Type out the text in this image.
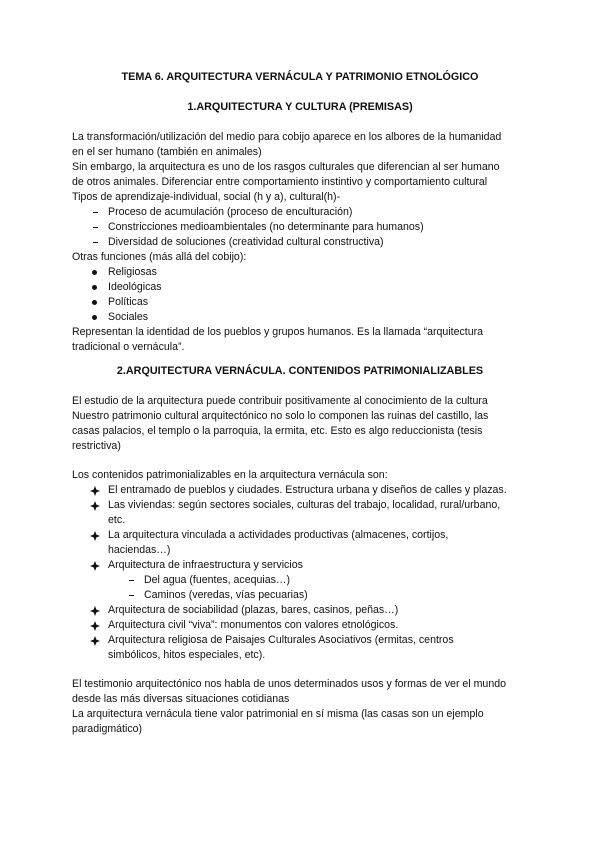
TEMA 6. ARQUITECTURA VERNÁCULA Y PATRIMONIO ETNOLÓGICO
1.ARQUITECTURA Y CULTURA (PREMISAS)
La transformación/utilización del medio para cobijo aparece en los albores de la humanidad
en el ser humano (también en animales)
Sin embargo, la arquitectura es uno de los rasgos culturales que diferencian al ser humano
de otros animales. Diferenciar entre comportamiento instintivo y comportamiento cultural
Tipos de aprendizaje-individual, social (h y a), cultural(h)-
Proceso de acumulación (proceso de enculturación)
Constricciones medioambientales (no determinante para humanos)
Diversidad de soluciones (creatividad cultural constructiva)
Otras funciones (más allá del cobijo):
Religiosas
Ideológicas
Políticas
Sociales
Representan la identidad de los pueblos y grupos humanos. Es la llamada “arquitectura
tradicional o vernácula”.
2.ARQUITECTURA VERNÁCULA. CONTENIDOS PATRIMONIALIZABLES
El estudio de la arquitectura puede contribuir positivamente al conocimiento de la cultura
Nuestro patrimonio cultural arquitectónico no solo lo componen las ruinas del castillo, las
casas palacios, el templo o la parroquia, la ermita, etc. Esto es algo reduccionista (tesis
restrictiva)
Los contenidos patrimonializables en la arquitectura vernácula son:
El entramado de pueblos y ciudades. Estructura urbana y diseños de calles y plazas.
Las viviendas: según sectores sociales, culturas del trabajo, localidad, rural/urbano,
etc.
La arquitectura vinculada a actividades productivas (almacenes, cortijos,
haciendas…)
Arquitectura de infraestructura y servicios
Del agua (fuentes, acequias…)
Caminos (veredas, vías pecuarias)
Arquitectura de sociabilidad (plazas, bares, casinos, peñas…)
Arquitectura civil “viva”: monumentos con valores etnológicos.
Arquitectura religiosa de Paisajes Culturales Asociativos (ermitas, centros
simbólicos, hitos especiales, etc).
El testimonio arquitectónico nos habla de unos determinados usos y formas de ver el mundo
desde las más diversas situaciones cotidianas
La arquitectura vernácula tiene valor patrimonial en sí misma (las casas son un ejemplo
paradigmático)
